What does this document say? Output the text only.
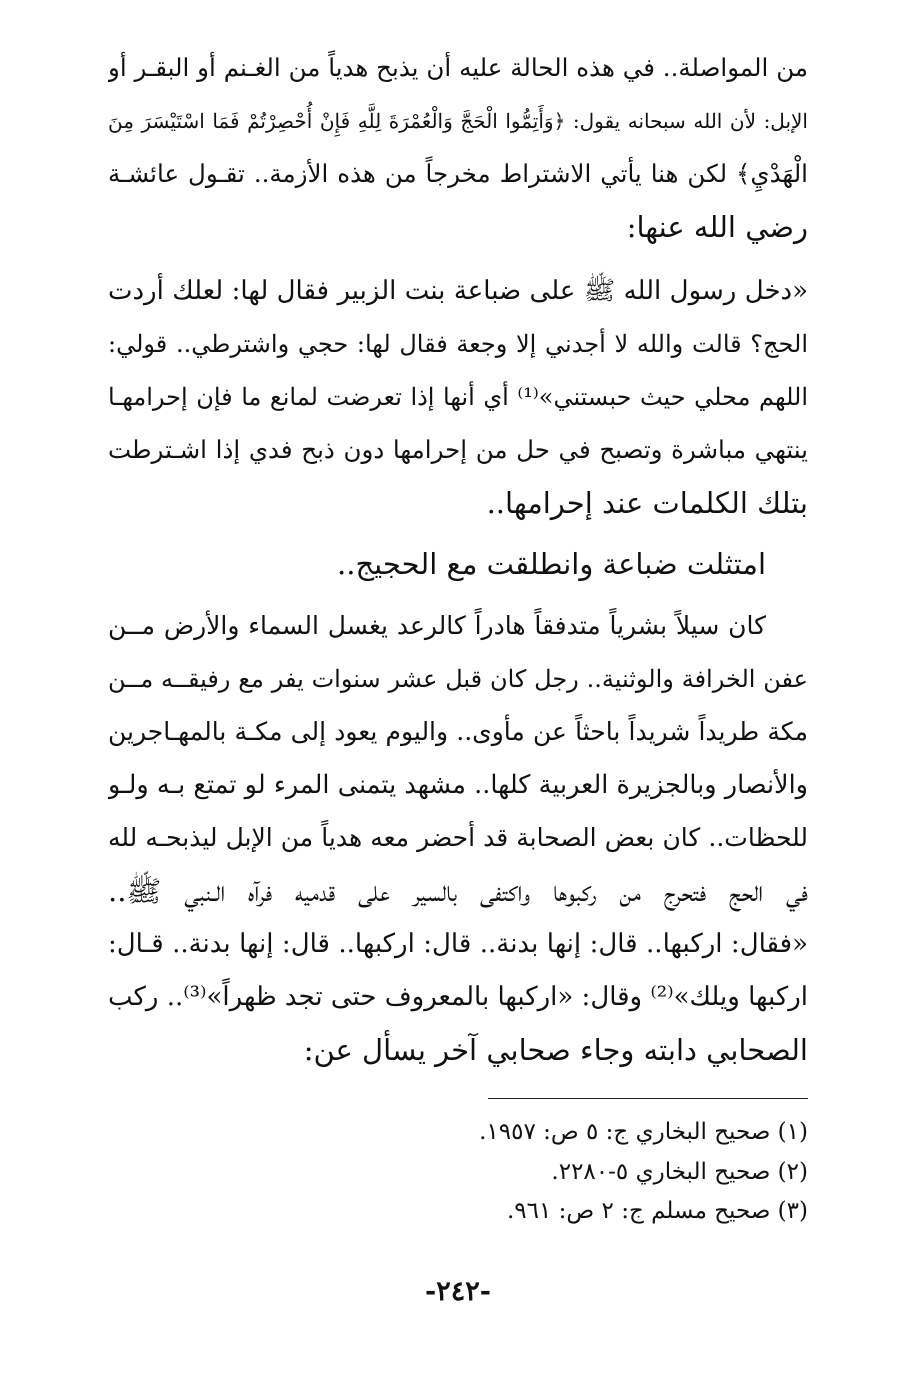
من المواصلة.. في هذه الحالة عليه أن يذبح هدياً من الغـنم أو البقـر أو
الإبل: لأن الله سبحانه يقول: ﴿وَأَتِمُّوا الْحَجَّ وَالْعُمْرَةَ لِلَّهِ فَإِنْ أُحْصِرْتُمْ فَمَا اسْتَيْسَرَ مِنَ
الْهَدْيِ﴾ لكن هنا يأتي الاشتراط مخرجاً من هذه الأزمة.. تقـول عائشـة
رضي الله عنها:
«دخل رسول الله ﷺ على ضباعة بنت الزبير فقال لها: لعلك أردت
الحج؟ قالت والله لا أجدني إلا وجعة فقال لها: حجي واشترطي.. قولي:
اللهم محلي حيث حبستني»⁽¹⁾ أي أنها إذا تعرضت لمانع ما فإن إحرامهـا
ينتهي مباشرة وتصبح في حل من إحرامها دون ذبح فدي إذا اشـترطت
بتلك الكلمات عند إحرامها..
امتثلت ضباعة وانطلقت مع الحجيج..
كان سيلاً بشرياً متدفقاً هادراً كالرعد يغسل السماء والأرض مــن
عفن الخرافة والوثنية.. رجل كان قبل عشر سنوات يفر مع رفيقــه مــن
مكة طريداً شريداً باحثاً عن مأوى.. واليوم يعود إلى مكـة بالمهـاجرين
والأنصار وبالجزيرة العربية كلها.. مشهد يتمنى المرء لو تمتع بـه ولـو
للحظات.. كان بعض الصحابة قد أحضر معه هدياً من الإبل ليذبحـه لله
في الحج فتحرج من ركبوها واكتفى بالسير على قدميه فرآه الـنبي ﷺ..
«فقال: اركبها.. قال: إنها بدنة.. قال: اركبها.. قال: إنها بدنة.. قـال:
اركبها ويلك»⁽²⁾ وقال: «اركبها بالمعروف حتى تجد ظهراً»⁽³⁾.. ركب
الصحابي دابته وجاء صحابي آخر يسأل عن:
(١) صحيح البخاري ج: ٥ ص: ١٩٥٧.
(٢) صحيح البخاري ٥-٢٢٨٠.
(٣) صحيح مسلم ج: ٢ ص: ٩٦١.
-٢٤٢-
